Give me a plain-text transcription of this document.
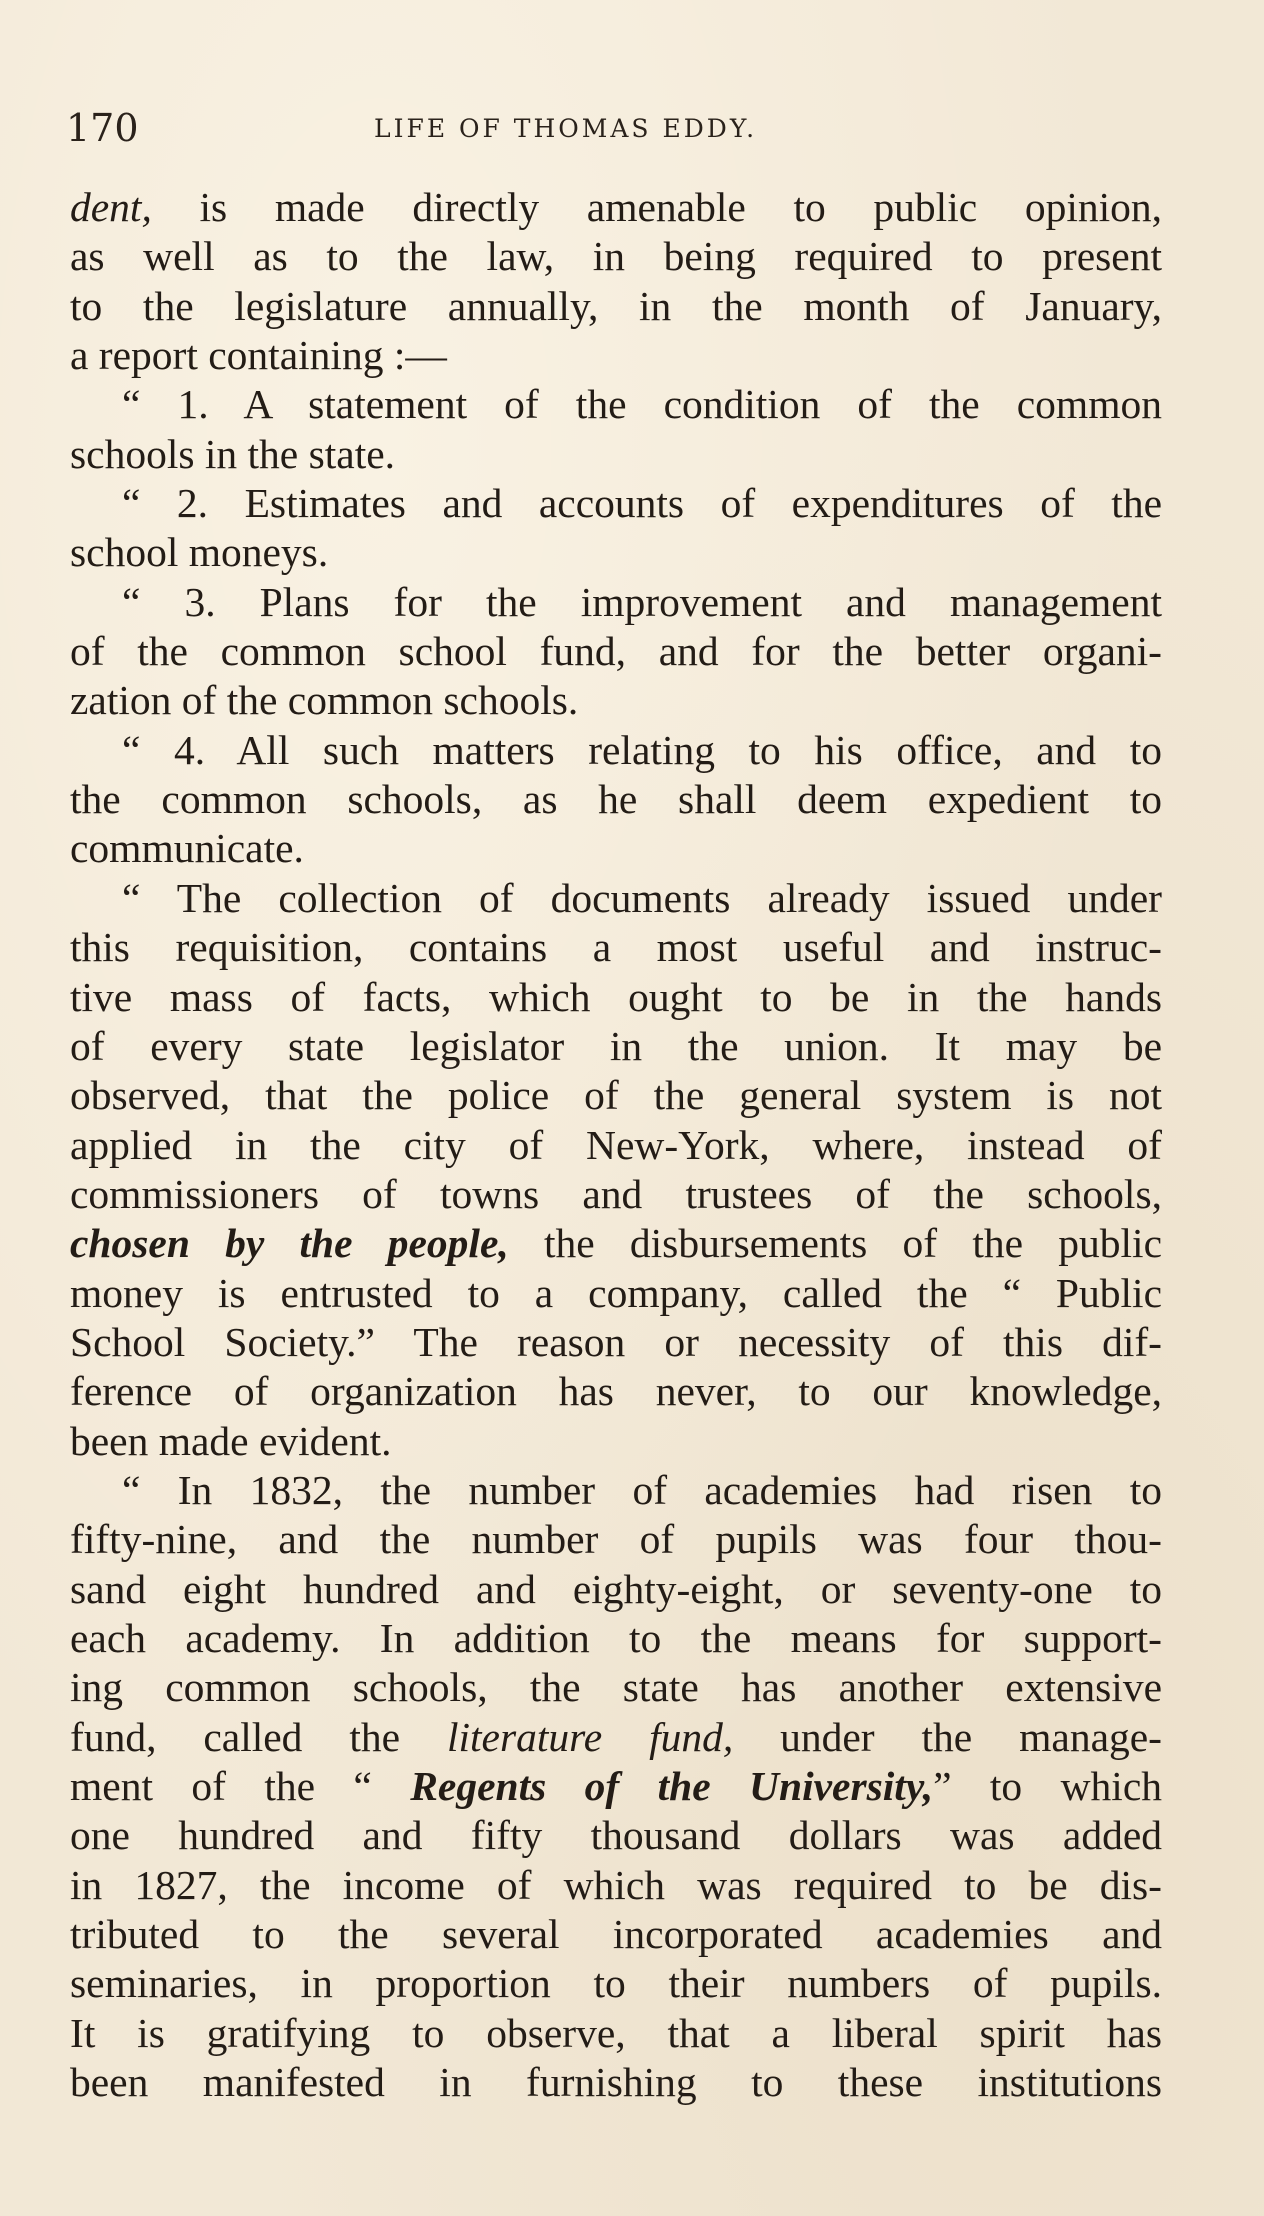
170	LIFE OF THOMAS EDDY.
dent, is made directly amenable to public opinion,
as well as to the law, in being required to present
to the legislature annually, in the month of January,
a report containing :—
“ 1. A statement of the condition of the common
schools in the state.
“ 2. Estimates and accounts of expenditures of the
school moneys.
“ 3. Plans for the improvement and management
of the common school fund, and for the better organi-
zation of the common schools.
“ 4. All such matters relating to his office, and to
the common schools, as he shall deem expedient to
communicate.
“ The collection of documents already issued under
this requisition, contains a most useful and instruc-
tive mass of facts, which ought to be in the hands
of every state legislator in the union. It may be
observed, that the police of the general system is not
applied in the city of New-York, where, instead of
commissioners of towns and trustees of the schools,
chosen by the people, the disbursements of the public
money is entrusted to a company, called the “ Public
School Society.” The reason or necessity of this dif-
ference of organization has never, to our knowledge,
been made evident.
“ In 1832, the number of academies had risen to
fifty-nine, and the number of pupils was four thou-
sand eight hundred and eighty-eight, or seventy-one to
each academy. In addition to the means for support-
ing common schools, the state has another extensive
fund, called the literature fund, under the manage-
ment of the “ Regents of the University,” to which
one hundred and fifty thousand dollars was added
in 1827, the income of which was required to be dis-
tributed to the several incorporated academies and
seminaries, in proportion to their numbers of pupils.
It is gratifying to observe, that a liberal spirit has
been manifested in furnishing to these institutions
